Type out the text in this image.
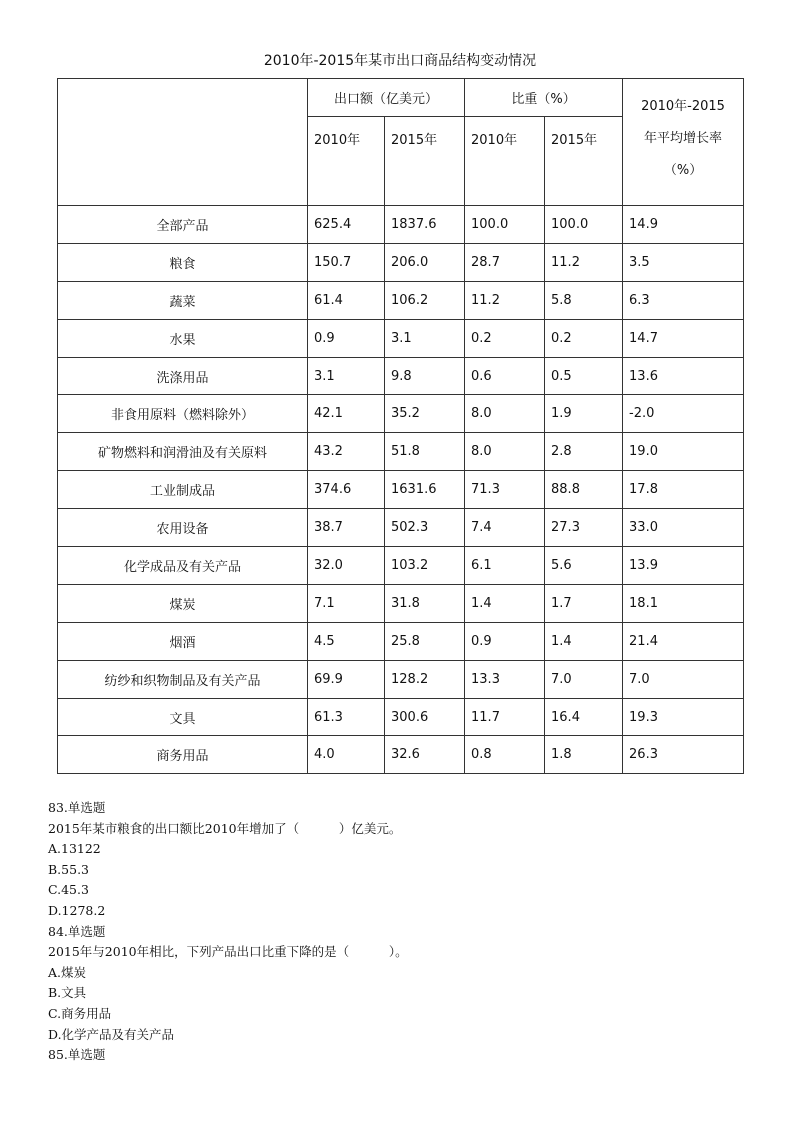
2010年-2015年某市出口商品结构变动情况
	出口额（亿美元）		比重（%）		2010年-2015
年平均增长率
（%）

	2010年	2015年	2010年	2015年	
全部产品	625.4	1837.6	100.0	100.0	14.9
粮食	150.7	206.0	28.7	11.2	3.5
蔬菜	61.4	106.2	11.2	5.8	6.3
水果	0.9	3.1	0.2	0.2	14.7
洗涤用品	3.1	9.8	0.6	0.5	13.6
非食用原料（燃料除外）	42.1	35.2	8.0	1.9	-2.0
矿物燃料和润滑油及有关原料	43.2	51.8	8.0	2.8	19.0
工业制成品	374.6	1631.6	71.3	88.8	17.8
农用设备	38.7	502.3	7.4	27.3	33.0
化学成品及有关产品	32.0	103.2	6.1	5.6	13.9
煤炭	7.1	31.8	1.4	1.7	18.1
烟酒	4.5	25.8	0.9	1.4	21.4
纺纱和织物制品及有关产品	69.9	128.2	13.3	7.0	7.0
文具	61.3	300.6	11.7	16.4	19.3
商务用品	4.0	32.6	0.8	1.8	26.3
83.单选题
2015年某市粮食的出口额比2010年增加了（          ）亿美元。
A.13122
B.55.3
C.45.3
D.1278.2
84.单选题
2015年与2010年相比，下列产品出口比重下降的是（          ）。
A.煤炭
B.文具
C.商务用品
D.化学产品及有关产品
85.单选题
